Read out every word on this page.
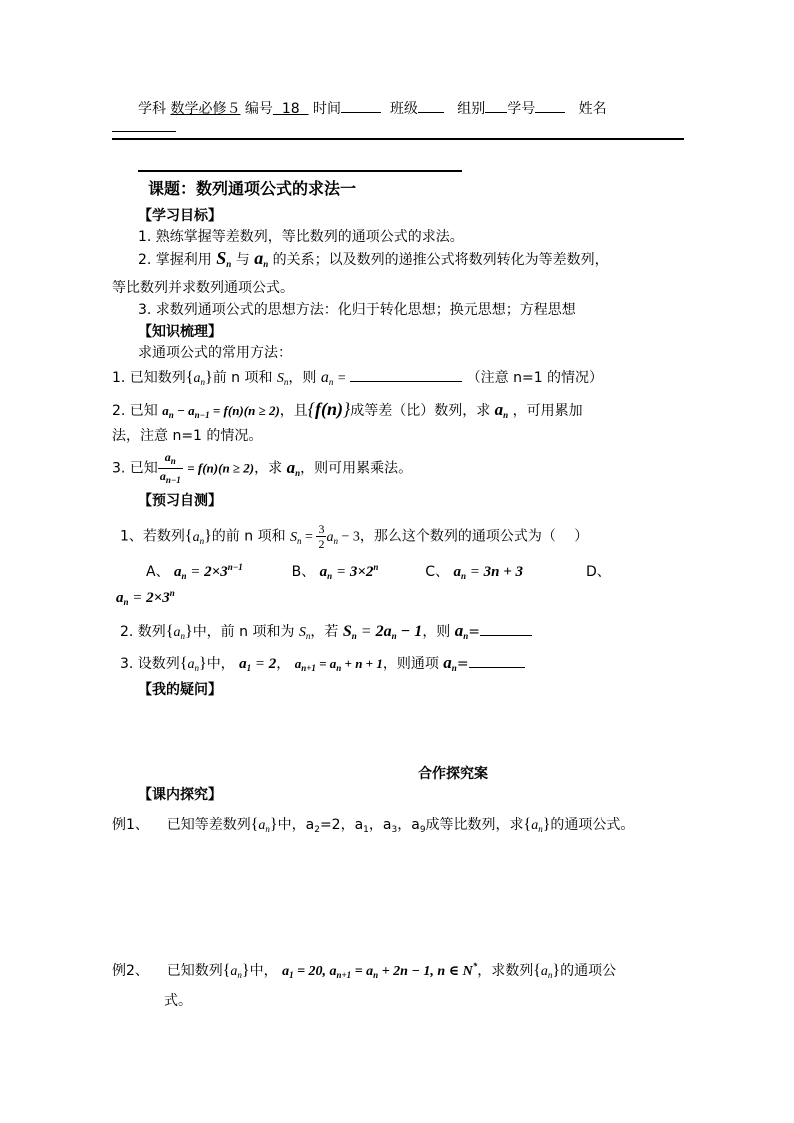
学科 数学必修５ 编号 18 时间	班级	组别 学号	姓名
课题：数列通项公式的求法一
【学习目标】
1. 熟练掌握等差数列，等比数列的通项公式的求法。
2. 掌握利用 $S_n$ 与 $a_n$ 的关系；以及数列的递推公式将数列转化为等差数列，
等比数列并求数列通项公式。
3. 求数列通项公式的思想方法：化归于转化思想；换元思想；方程思想
【知识梳理】
求通项公式的常用方法：
1. 已知数列$\{a_n\}$前 n 项和 $S_n$，则 $a_n$ =	（注意 n=1 的情况）
2. 已知 $a_n - a_{n-1} = f(n)(n \ge 2)$，且{f(n)}成等差（比）数列，求 $a_n$ ，可用累加
法，注意 n=1 的情况。
3. 已知 $\frac{a_n}{a_{n-1}} = f(n)(n \ge 2)$，求 $a_n$，则可用累乘法。
【预习自测】
1、若数列$\{a_n\}$的前 n 项和 $S_n = \frac{3}{2} a_n - 3$，那么这个数列的通项公式为（　 ）
A、 $a_n = 2\times 3^{n-1}$	B、 $a_n = 3\times 2^n$	C、 $a_n = 3n + 3$	D、
$a_n = 2\times 3^n$
2. 数列$\{a_n\}$中，前 n 项和为 $S_n$，若 $S_n = 2a_n - 1$，则 $a_n=$
3. 设数列$\{a_n\}$中， $a_1 = 2$， $a_{n+1} = a_n + n + 1$，则通项 $a_n=$
【我的疑问】
合作探究案
【课内探究】
例1、 已知等差数列$\{a_n\}$中，$a_2=2$，$a_1$，$a_3$，$a_9$成等比数列，求$\{a_n\}$的通项公式。
例2、 已知数列$\{a_n\}$中， $a_1 = 20$, $a_{n+1} = a_n + 2n - 1$, n ∈ N*，求数列$\{a_n\}$的通项公
式。
